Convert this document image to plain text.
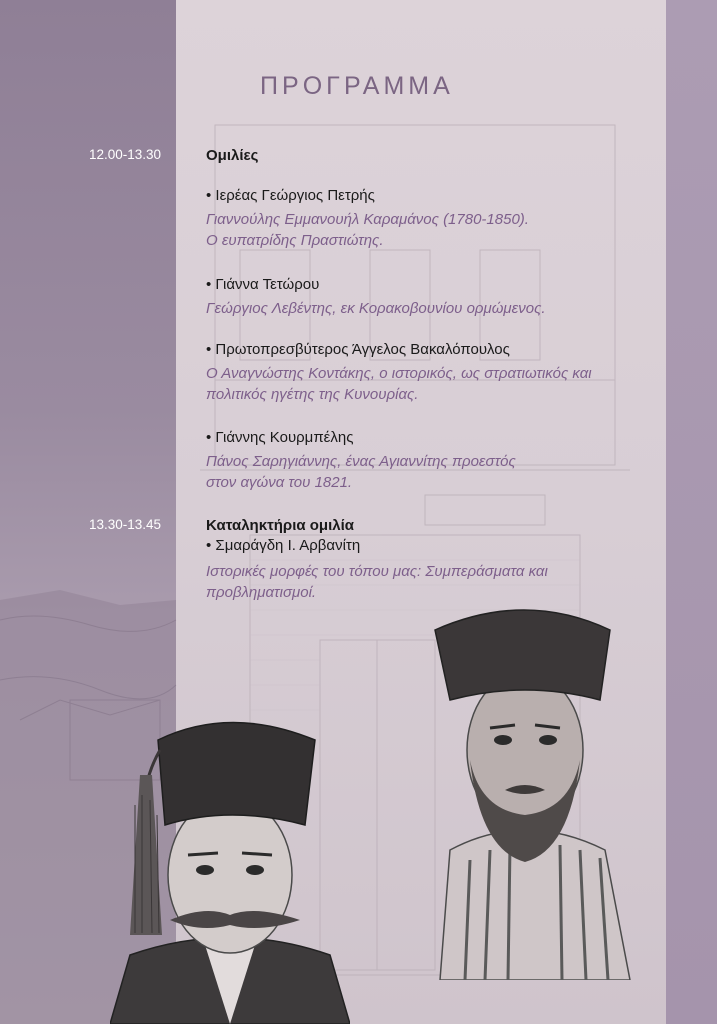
ΠΡΟΓΡΑΜΜΑ
12.00-13.30	Ομιλίες
• Ιερέας Γεώργιος Πετρής
Γιαννούλης Εμμανουήλ Καραμάνος (1780-1850).
Ο ευπατρίδης Πραστιώτης.
• Γιάννα Τετώρου
Γεώργιος Λεβέντης, εκ Κορακοβουνίου ορμώμενος.
• Πρωτοπρεσβύτερος Άγγελος Βακαλόπουλος
Ο Αναγνώστης Κοντάκης, ο ιστορικός, ως στρατιωτικός και
πολιτικός ηγέτης της Κυνουρίας.
• Γιάννης Κουρμπέλης
Πάνος Σαρηγιάννης, ένας Αγιαννίτης προεστός
στον αγώνα του 1821.
13.30-13.45	Καταληκτήρια ομιλία
• Σμαράγδη Ι. Αρβανίτη
Ιστορικές μορφές του τόπου μας: Συμπεράσματα και
προβληματισμοί.
